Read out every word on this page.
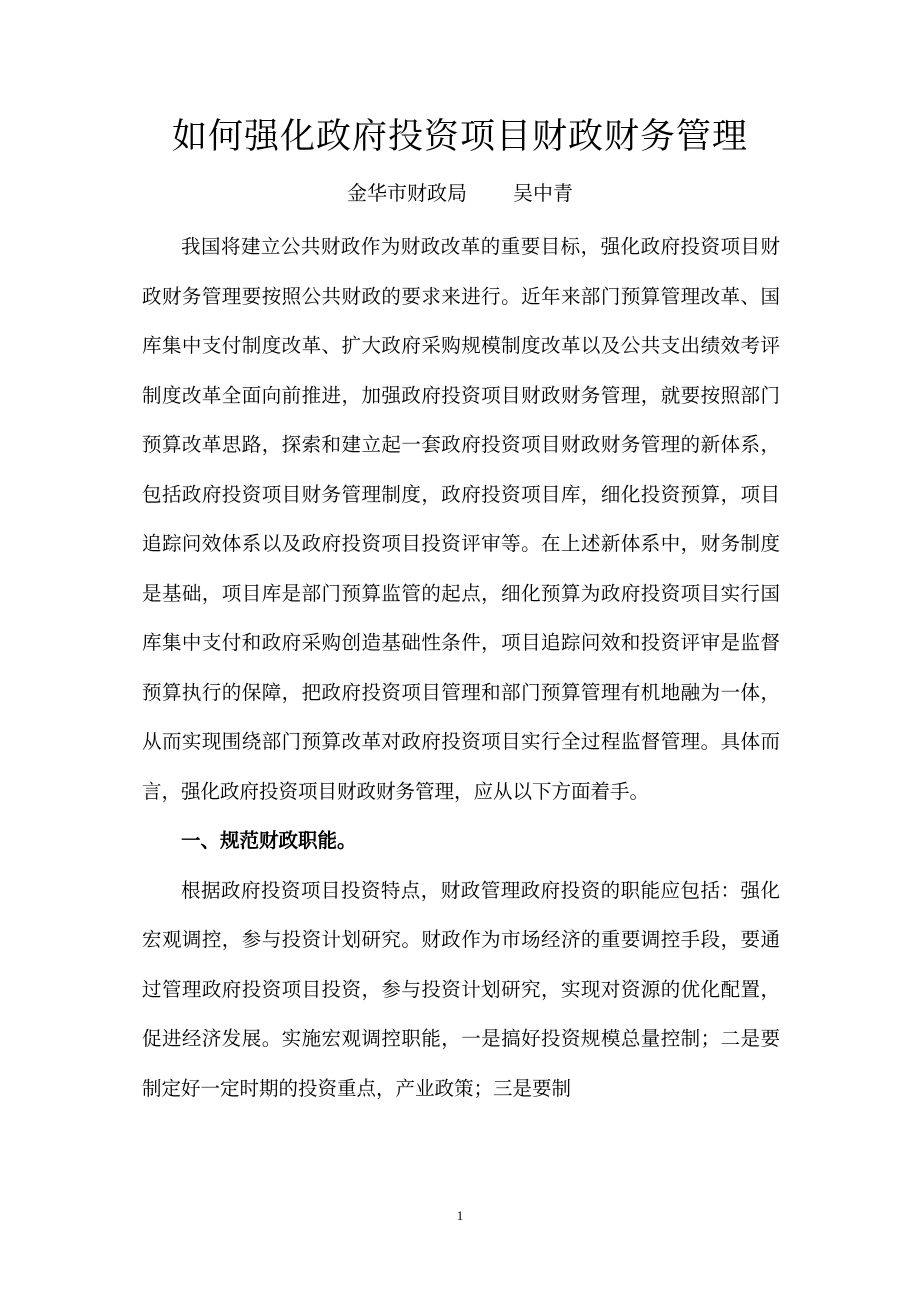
如何强化政府投资项目财政财务管理
金华市财政局 吴中青

我国将建立公共财政作为财政改革的重要目标，强化政府投资项目财政财务管理要按照公共财政的要求来进行。近年来部门预算管理改革、国库集中支付制度改革、扩大政府采购规模制度改革以及公共支出绩效考评制度改革全面向前推进，加强政府投资项目财政财务管理，就要按照部门预算改革思路，探索和建立起一套政府投资项目财政财务管理的新体系，包括政府投资项目财务管理制度，政府投资项目库，细化投资预算，项目追踪问效体系以及政府投资项目投资评审等。在上述新体系中，财务制度是基础，项目库是部门预算监管的起点，细化预算为政府投资项目实行国库集中支付和政府采购创造基础性条件，项目追踪问效和投资评审是监督预算执行的保障，把政府投资项目管理和部门预算管理有机地融为一体，从而实现围绕部门预算改革对政府投资项目实行全过程监督管理。具体而言，强化政府投资项目财政财务管理，应从以下方面着手。

一、规范财政职能。

根据政府投资项目投资特点，财政管理政府投资的职能应包括：强化宏观调控，参与投资计划研究。财政作为市场经济的重要调控手段，要通过管理政府投资项目投资，参与投资计划研究，实现对资源的优化配置，促进经济发展。实施宏观调控职能，一是搞好投资规模总量控制；二是要制定好一定时期的投资重点，产业政策；三是要制

1
